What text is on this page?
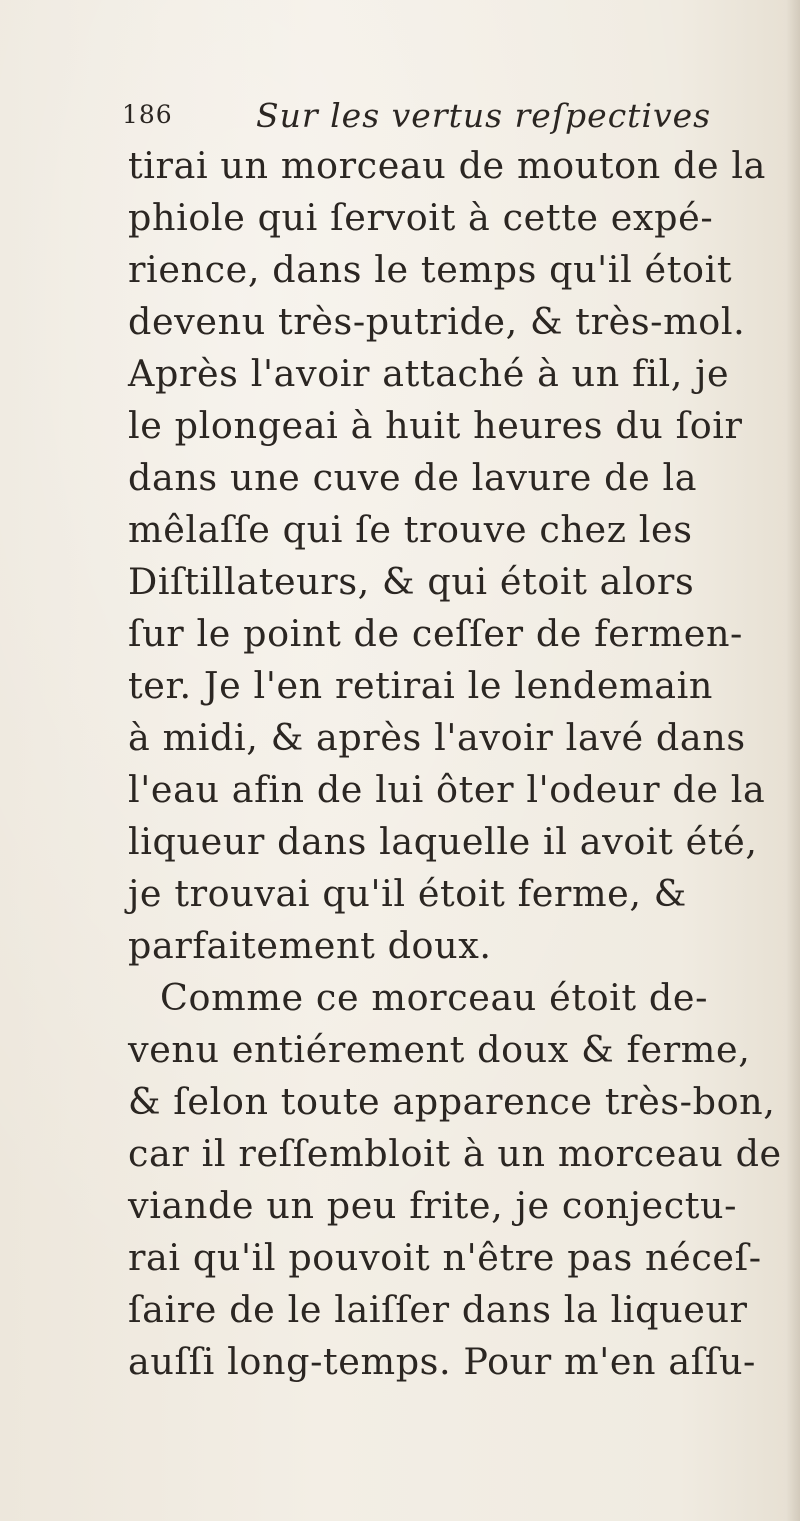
186	Sur les vertus reſpectives
tirai un morceau de mouton de la
phiole qui ſervoit à cette expé-
rience, dans le temps qu'il étoit
devenu très-putride, & très-mol.
Après l'avoir attaché à un fil, je
le plongeai à huit heures du ſoir
dans une cuve de lavure de la
mêlaſſe qui ſe trouve chez les
Diſtillateurs, & qui étoit alors
ſur le point de ceſſer de fermen-
ter. Je l'en retirai le lendemain
à midi, & après l'avoir lavé dans
l'eau afin de lui ôter l'odeur de la
liqueur dans laquelle il avoit été,
je trouvai qu'il étoit ferme, &
parfaitement doux.
Comme ce morceau étoit de-
venu entiérement doux & ferme,
& ſelon toute apparence très-bon,
car il reſſembloit à un morceau de
viande un peu frite, je conjectu-
rai qu'il pouvoit n'être pas néceſ-
ſaire de le laiſſer dans la liqueur
auſſi long-temps. Pour m'en aſſu-
